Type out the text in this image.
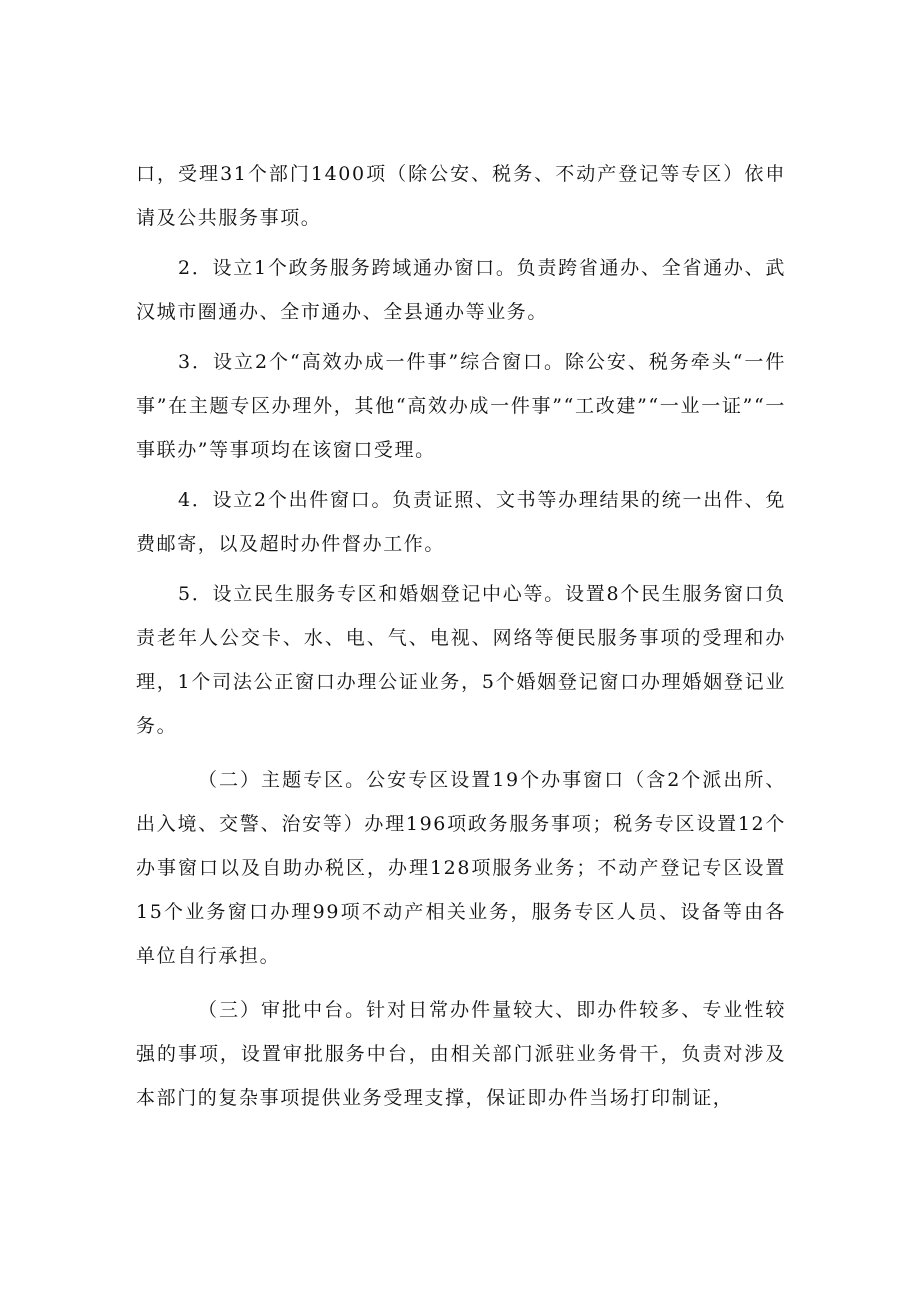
口，受理31个部门1400项（除公安、税务、不动产登记等专区）依申请及公共服务事项。

2．设立1个政务服务跨域通办窗口。负责跨省通办、全省通办、武汉城市圈通办、全市通办、全县通办等业务。

3．设立2个“高效办成一件事”综合窗口。除公安、税务牵头“一件事”在主题专区办理外，其他“高效办成一件事”“工改建”“一业一证”“一事联办”等事项均在该窗口受理。

4．设立2个出件窗口。负责证照、文书等办理结果的统一出件、免费邮寄，以及超时办件督办工作。

5．设立民生服务专区和婚姻登记中心等。设置8个民生服务窗口负责老年人公交卡、水、电、气、电视、网络等便民服务事项的受理和办理，1个司法公正窗口办理公证业务，5个婚姻登记窗口办理婚姻登记业务。

（二）主题专区。公安专区设置19个办事窗口（含2个派出所、出入境、交警、治安等）办理196项政务服务事项；税务专区设置12个办事窗口以及自助办税区，办理128项服务业务；不动产登记专区设置15个业务窗口办理99项不动产相关业务，服务专区人员、设备等由各单位自行承担。

（三）审批中台。针对日常办件量较大、即办件较多、专业性较强的事项，设置审批服务中台，由相关部门派驻业务骨干，负责对涉及本部门的复杂事项提供业务受理支撑，保证即办件当场打印制证，
